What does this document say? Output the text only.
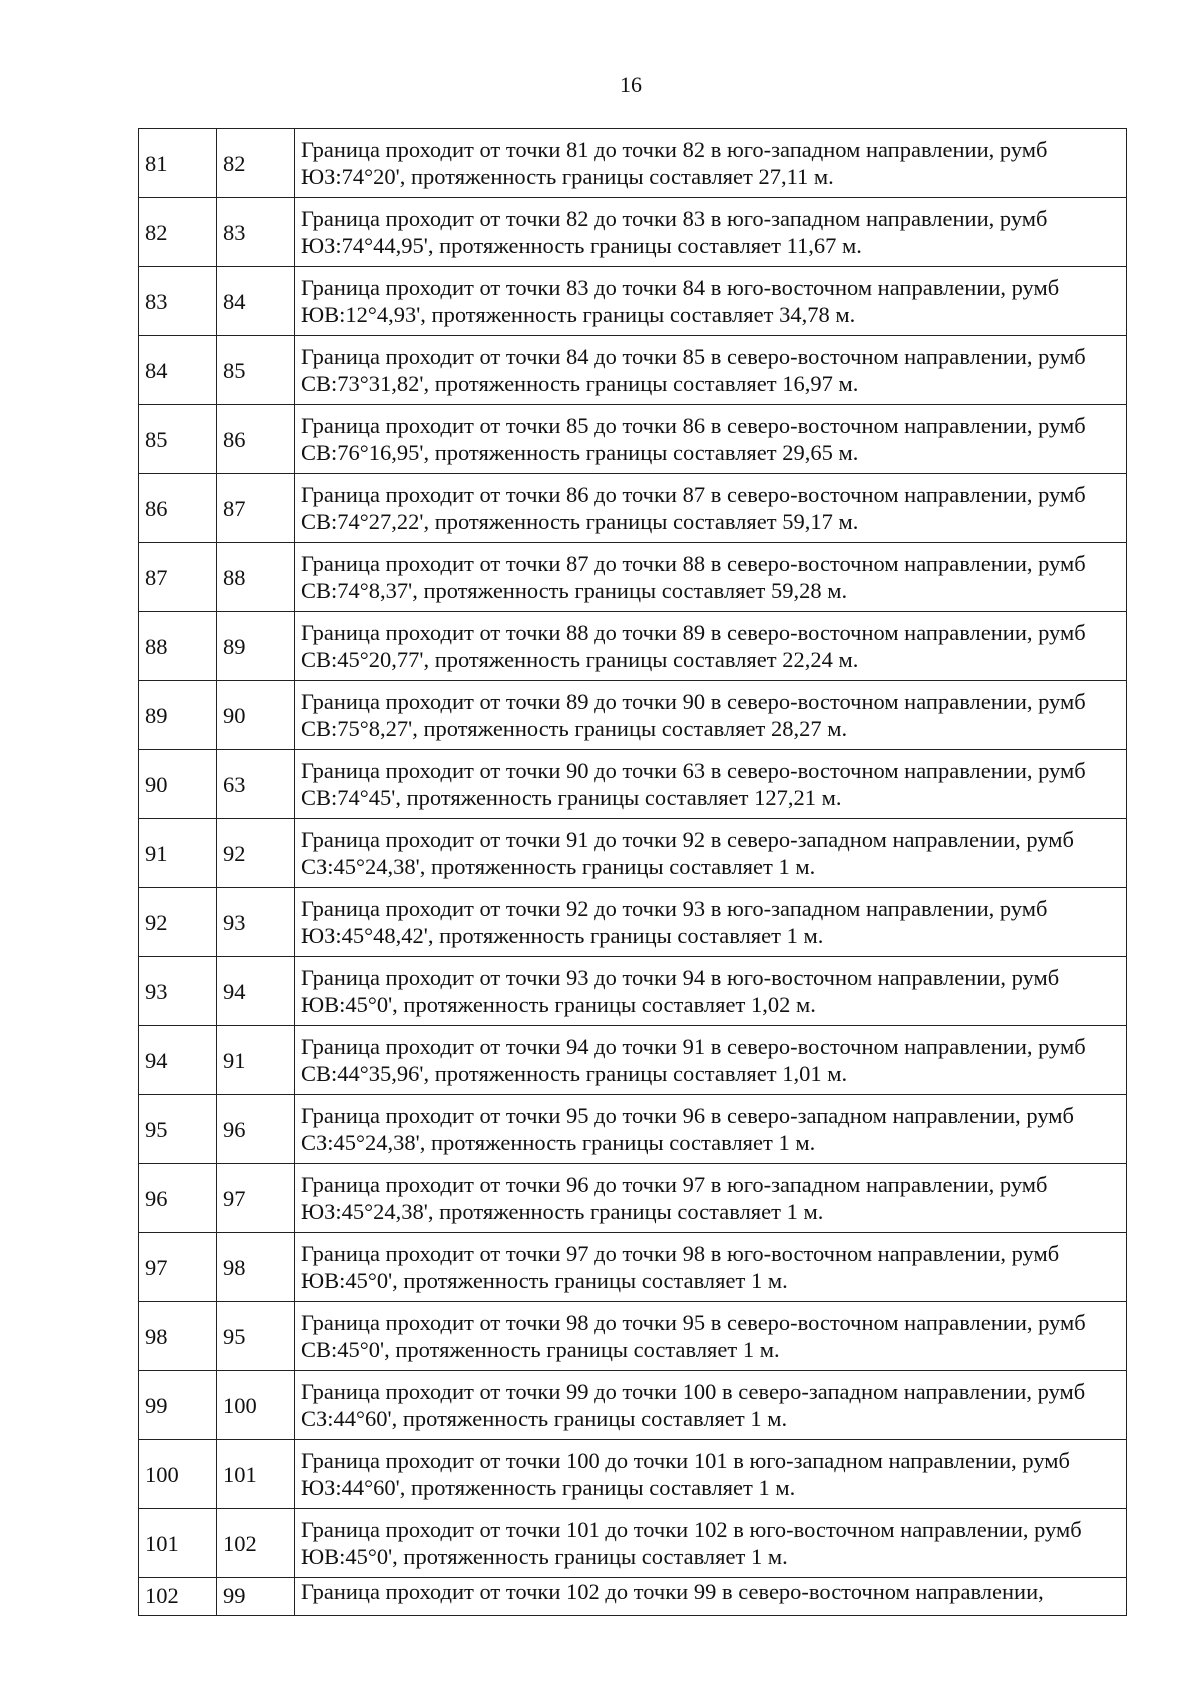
16
81	82	Граница проходит от точки 81 до точки 82 в юго-западном направлении, румб ЮЗ:74°20', протяженность границы составляет 27,11 м.
82	83	Граница проходит от точки 82 до точки 83 в юго-западном направлении, румб ЮЗ:74°44,95', протяженность границы составляет 11,67 м.
83	84	Граница проходит от точки 83 до точки 84 в юго-восточном направлении, румб ЮВ:12°4,93', протяженность границы составляет 34,78 м.
84	85	Граница проходит от точки 84 до точки 85 в северо-восточном направлении, румб СВ:73°31,82', протяженность границы составляет 16,97 м.
85	86	Граница проходит от точки 85 до точки 86 в северо-восточном направлении, румб СВ:76°16,95', протяженность границы составляет 29,65 м.
86	87	Граница проходит от точки 86 до точки 87 в северо-восточном направлении, румб СВ:74°27,22', протяженность границы составляет 59,17 м.
87	88	Граница проходит от точки 87 до точки 88 в северо-восточном направлении, румб СВ:74°8,37', протяженность границы составляет 59,28 м.
88	89	Граница проходит от точки 88 до точки 89 в северо-восточном направлении, румб СВ:45°20,77', протяженность границы составляет 22,24 м.
89	90	Граница проходит от точки 89 до точки 90 в северо-восточном направлении, румб СВ:75°8,27', протяженность границы составляет 28,27 м.
90	63	Граница проходит от точки 90 до точки 63 в северо-восточном направлении, румб СВ:74°45', протяженность границы составляет 127,21 м.
91	92	Граница проходит от точки 91 до точки 92 в северо-западном направлении, румб СЗ:45°24,38', протяженность границы составляет 1 м.
92	93	Граница проходит от точки 92 до точки 93 в юго-западном направлении, румб ЮЗ:45°48,42', протяженность границы составляет 1 м.
93	94	Граница проходит от точки 93 до точки 94 в юго-восточном направлении, румб ЮВ:45°0', протяженность границы составляет 1,02 м.
94	91	Граница проходит от точки 94 до точки 91 в северо-восточном направлении, румб СВ:44°35,96', протяженность границы составляет 1,01 м.
95	96	Граница проходит от точки 95 до точки 96 в северо-западном направлении, румб СЗ:45°24,38', протяженность границы составляет 1 м.
96	97	Граница проходит от точки 96 до точки 97 в юго-западном направлении, румб ЮЗ:45°24,38', протяженность границы составляет 1 м.
97	98	Граница проходит от точки 97 до точки 98 в юго-восточном направлении, румб ЮВ:45°0', протяженность границы составляет 1 м.
98	95	Граница проходит от точки 98 до точки 95 в северо-восточном направлении, румб СВ:45°0', протяженность границы составляет 1 м.
99	100	Граница проходит от точки 99 до точки 100 в северо-западном направлении, румб СЗ:44°60', протяженность границы составляет 1 м.
100	101	Граница проходит от точки 100 до точки 101 в юго-западном направлении, румб ЮЗ:44°60', протяженность границы составляет 1 м.
101	102	Граница проходит от точки 101 до точки 102 в юго-восточном направлении, румб ЮВ:45°0', протяженность границы составляет 1 м.
102	99	Граница проходит от точки 102 до точки 99 в северо-восточном направлении,
